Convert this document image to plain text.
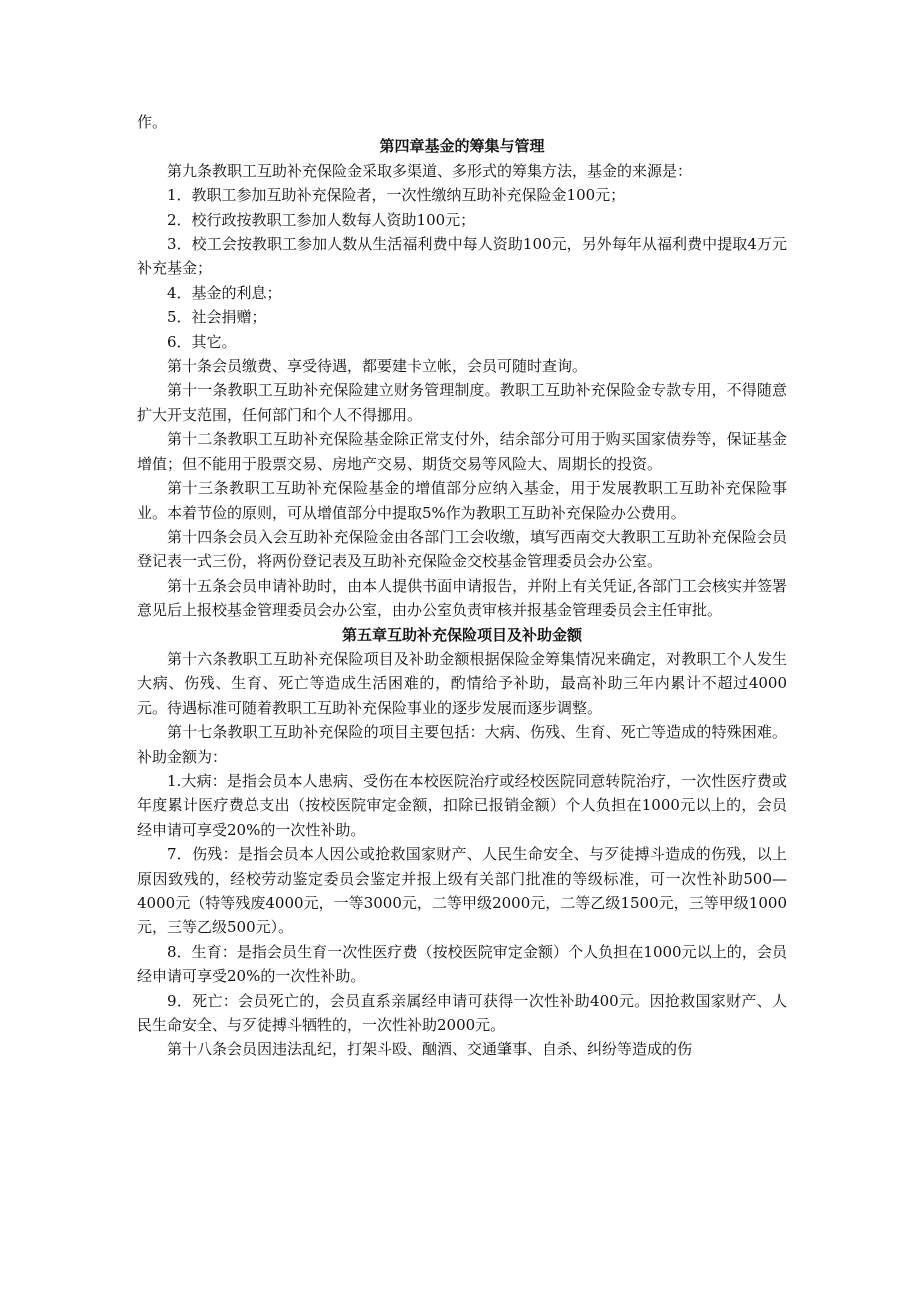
作。

第四章基金的筹集与管理

第九条教职工互助补充保险金采取多渠道、多形式的筹集方法，基金的来源是：

1．教职工参加互助补充保险者，一次性缴纳互助补充保险金100元；

2．校行政按教职工参加人数每人资助100元；

3．校工会按教职工参加人数从生活福利费中每人资助100元，另外每年从福利费中提取4万元补充基金；

4．基金的利息；

5．社会捐赠；

6．其它。

第十条会员缴费、享受待遇，都要建卡立帐，会员可随时查询。

第十一条教职工互助补充保险建立财务管理制度。教职工互助补充保险金专款专用，不得随意扩大开支范围，任何部门和个人不得挪用。

第十二条教职工互助补充保险基金除正常支付外，结余部分可用于购买国家债券等，保证基金增值；但不能用于股票交易、房地产交易、期货交易等风险大、周期长的投资。

第十三条教职工互助补充保险基金的增值部分应纳入基金，用于发展教职工互助补充保险事业。本着节俭的原则，可从增值部分中提取5%作为教职工互助补充保险办公费用。

第十四条会员入会互助补充保险金由各部门工会收缴，填写西南交大教职工互助补充保险会员登记表一式三份，将两份登记表及互助补充保险金交校基金管理委员会办公室。

第十五条会员申请补助时，由本人提供书面申请报告，并附上有关凭证,各部门工会核实并签署意见后上报校基金管理委员会办公室，由办公室负责审核并报基金管理委员会主任审批。

第五章互助补充保险项目及补助金额

第十六条教职工互助补充保险项目及补助金额根据保险金筹集情况来确定，对教职工个人发生大病、伤残、生育、死亡等造成生活困难的，酌情给予补助，最高补助三年内累计不超过4000元。待遇标准可随着教职工互助补充保险事业的逐步发展而逐步调整。

第十七条教职工互助补充保险的项目主要包括：大病、伤残、生育、死亡等造成的特殊困难。补助金额为：

1.大病：是指会员本人患病、受伤在本校医院治疗或经校医院同意转院治疗，一次性医疗费或年度累计医疗费总支出（按校医院审定金额，扣除已报销金额）个人负担在1000元以上的，会员经申请可享受20%的一次性补助。

7．伤残：是指会员本人因公或抢救国家财产、人民生命安全、与歹徒搏斗造成的伤残，以上原因致残的，经校劳动鉴定委员会鉴定并报上级有关部门批准的等级标准，可一次性补助500—4000元（特等残废4000元，一等3000元，二等甲级2000元，二等乙级1500元，三等甲级1000元，三等乙级500元）。

8．生育：是指会员生育一次性医疗费（按校医院审定金额）个人负担在1000元以上的，会员经申请可享受20%的一次性补助。

9．死亡：会员死亡的，会员直系亲属经申请可获得一次性补助400元。因抢救国家财产、人民生命安全、与歹徒搏斗牺牲的，一次性补助2000元。

第十八条会员因违法乱纪，打架斗殴、酗酒、交通肇事、自杀、纠纷等造成的伤
